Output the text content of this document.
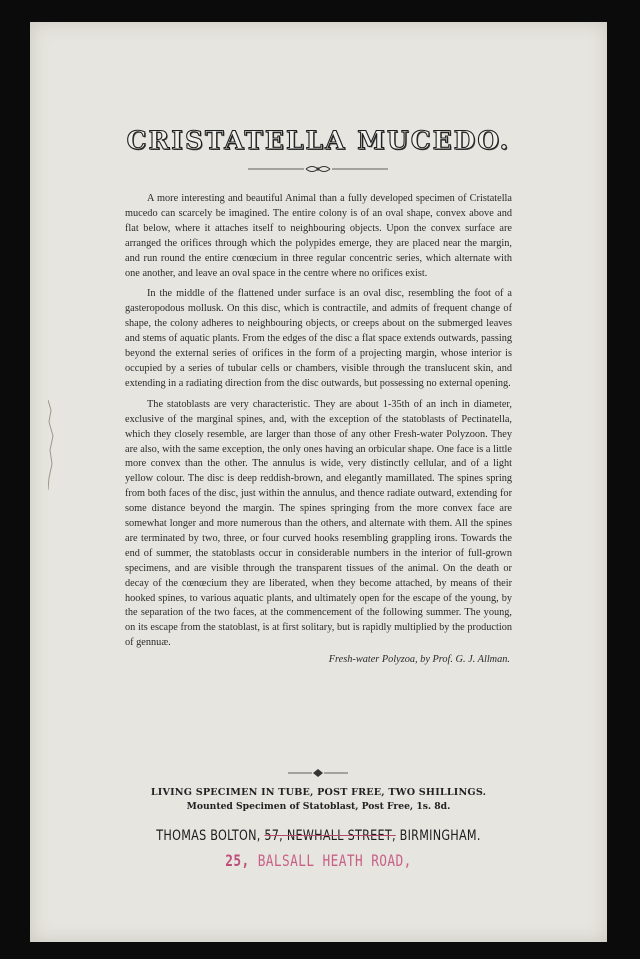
CRISTATELLA MUCEDO.

A more interesting and beautiful Animal than a fully developed specimen of Cristatella mucedo can scarcely be imagined. The entire colony is of an oval shape, convex above and flat below, where it attaches itself to neighbouring objects. Upon the convex surface are arranged the orifices through which the polypides emerge, they are placed near the margin, and run round the entire cœnœcium in three regular concentric series, which alternate with one another, and leave an oval space in the centre where no orifices exist.

In the middle of the flattened under surface is an oval disc, resembling the foot of a gasteropodous mollusk. On this disc, which is contractile, and admits of frequent change of shape, the colony adheres to neighbouring objects, or creeps about on the submerged leaves and stems of aquatic plants. From the edges of the disc a flat space extends outwards, passing beyond the external series of orifices in the form of a projecting margin, whose interior is occupied by a series of tubular cells or chambers, visible through the translucent skin, and extending in a radiating direction from the disc outwards, but possessing no external opening.

The statoblasts are very characteristic. They are about 1-35th of an inch in diameter, exclusive of the marginal spines, and, with the exception of the statoblasts of Pectinatella, which they closely resemble, are larger than those of any other Fresh-water Polyzoon. They are also, with the same exception, the only ones having an orbicular shape. One face is a little more convex than the other. The annulus is wide, very distinctly cellular, and of a light yellow colour. The disc is deep reddish-brown, and elegantly mamillated. The spines spring from both faces of the disc, just within the annulus, and thence radiate outward, extending for some distance beyond the margin. The spines springing from the more convex face are somewhat longer and more numerous than the others, and alternate with them. All the spines are terminated by two, three, or four curved hooks resembling grappling irons. Towards the end of summer, the statoblasts occur in considerable numbers in the interior of full-grown specimens, and are visible through the transparent tissues of the animal. On the death or decay of the cœnœcium they are liberated, when they become attached, by means of their hooked spines, to various aquatic plants, and ultimately open for the escape of the young, by the separation of the two faces, at the commencement of the following summer. The young, on its escape from the statoblast, is at first solitary, but is rapidly multiplied by the production of gennuæ.

Fresh-water Polyzoa, by Prof. G. J. Allman.
LIVING SPECIMEN IN TUBE, POST FREE, TWO SHILLINGS.
Mounted Specimen of Statoblast, Post Free, 1s. 8d.
THOMAS BOLTON, 57, NEWHALL STREET, BIRMINGHAM.
25, BALSALL HEATH ROAD,
